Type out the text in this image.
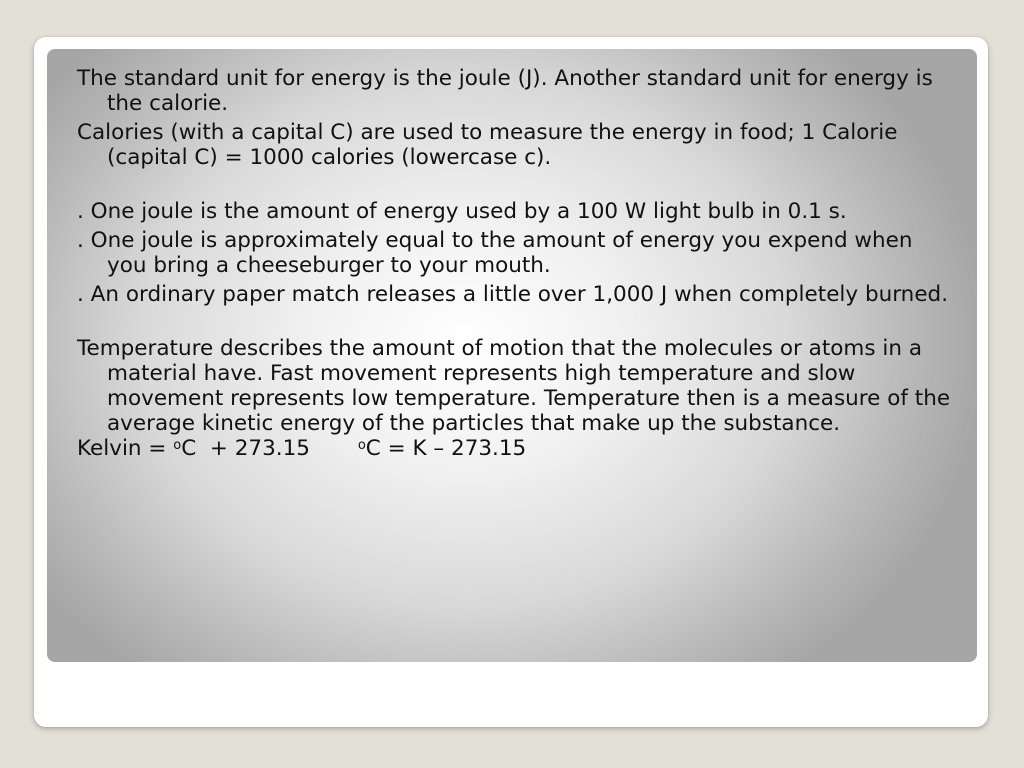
The standard unit for energy is the joule (J). Another standard unit for energy is the calorie.

Calories (with a capital C) are used to measure the energy in food; 1 Calorie (capital C) = 1000 calories (lowercase c).

. One joule is the amount of energy used by a 100 W light bulb in 0.1 s.

. One joule is approximately equal to the amount of energy you expend when you bring a cheeseburger to your mouth.

. An ordinary paper match releases a little over 1,000 J when completely burned.

Temperature describes the amount of motion that the molecules or atoms in a material have. Fast movement represents high temperature and slow movement represents low temperature. Temperature then is a measure of the average kinetic energy of the particles that make up the substance.

Kelvin = $^o$C  + 273.15	$^o$C = K – 273.15
